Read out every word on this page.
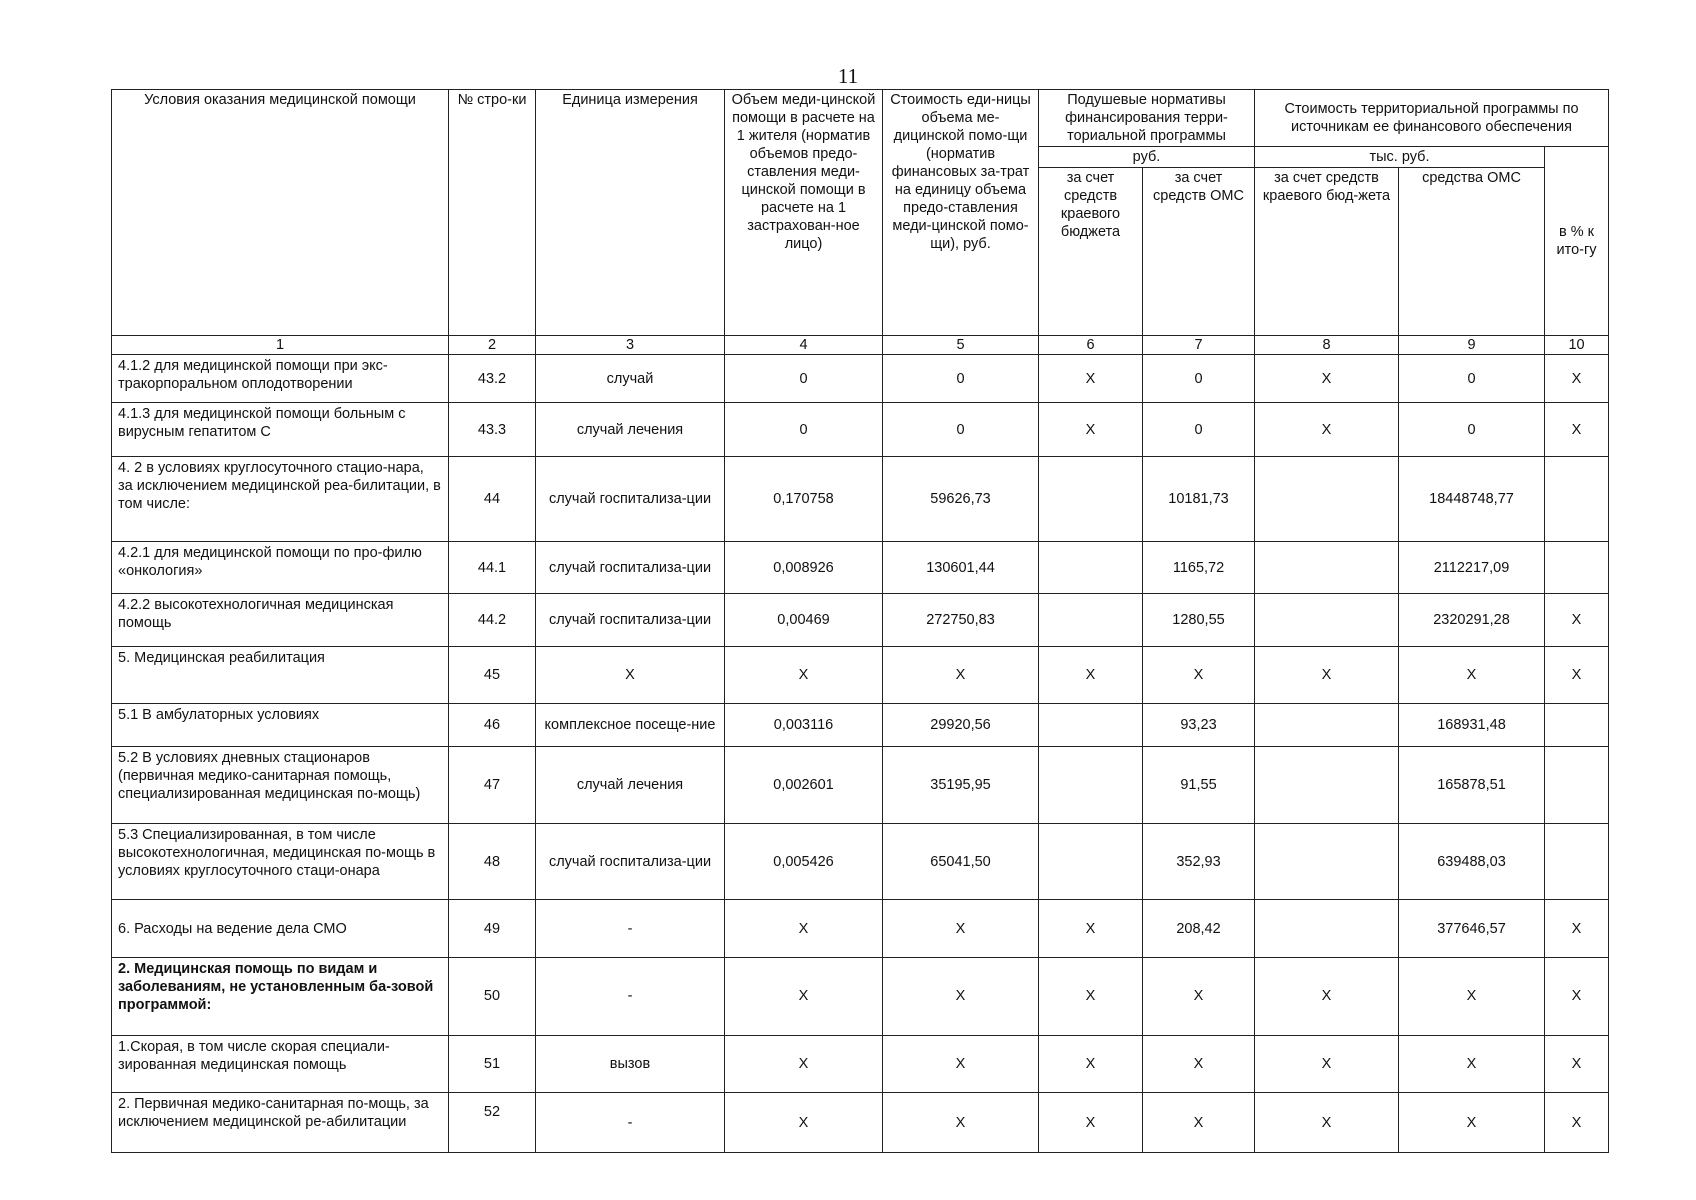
11
Условия оказания медицинской помощи	№ стро-ки	Единица измерения	Объем меди-цинской помощи в расчете на 1 жителя (норматив объемов предо-ставления меди-цинской помощи в расчете на 1 застрахован-ное лицо)	Стоимость еди-ницы объема ме-дицинской помо-щи (норматив финансовых за-трат на единицу объема предо-ставления меди-цинской помо-щи), руб.	Подушевые нормативы финансирования терри-ториальной программы		Стоимость территориальной программы по источникам ее финансового обеспечения		
					руб.		тыс. руб.		в % к ито-гу
					за счет средств краевого бюджета	за счет средств ОМС	за счет средств краевого бюд-жета	средства ОМС	
1	2	3	4	5	6	7	8	9	10
4.1.2 для медицинской помощи при экс-тракорпоральном оплодотворении	43.2	случай	0	0	Х	0	Х	0	Х
4.1.3 для медицинской помощи больным с вирусным гепатитом С	43.3	случай лечения	0	0	Х	0	Х	0	Х
4. 2 в условиях круглосуточного стацио-нара, за исключением медицинской реа-билитации, в том числе:	44	случай госпитализа-ции	0,170758	59626,73		10181,73		18448748,77	
4.2.1 для медицинской помощи по про-филю «онкология»	44.1	случай госпитализа-ции	0,008926	130601,44		1165,72		2112217,09	
4.2.2 высокотехнологичная медицинская помощь	44.2	случай госпитализа-ции	0,00469	272750,83		1280,55		2320291,28	Х
5. Медицинская реабилитация	45	Х	Х	Х	Х	Х	Х	Х	Х
5.1 В амбулаторных условиях	46	комплексное посеще-ние	0,003116	29920,56		93,23		168931,48	
5.2 В условиях дневных стационаров (первичная медико-санитарная помощь, специализированная медицинская по-мощь)	47	случай лечения	0,002601	35195,95		91,55		165878,51	
5.3 Специализированная, в том числе высокотехнологичная, медицинская по-мощь в условиях круглосуточного стаци-онара	48	случай госпитализа-ции	0,005426	65041,50		352,93		639488,03	
6. Расходы на ведение дела СМО	49	-	Х	Х	Х	208,42		377646,57	Х
2. Медицинская помощь по видам и заболеваниям, не установленным ба-зовой программой:	50	-	Х	Х	Х	Х	Х	Х	Х
1.Скорая, в том числе скорая специали-зированная медицинская помощь	51	вызов	Х	Х	Х	Х	Х	Х	Х
2. Первичная медико-санитарная по-мощь, за исключением медицинской ре-абилитации	52	-	Х	Х	Х	Х	Х	Х	Х
